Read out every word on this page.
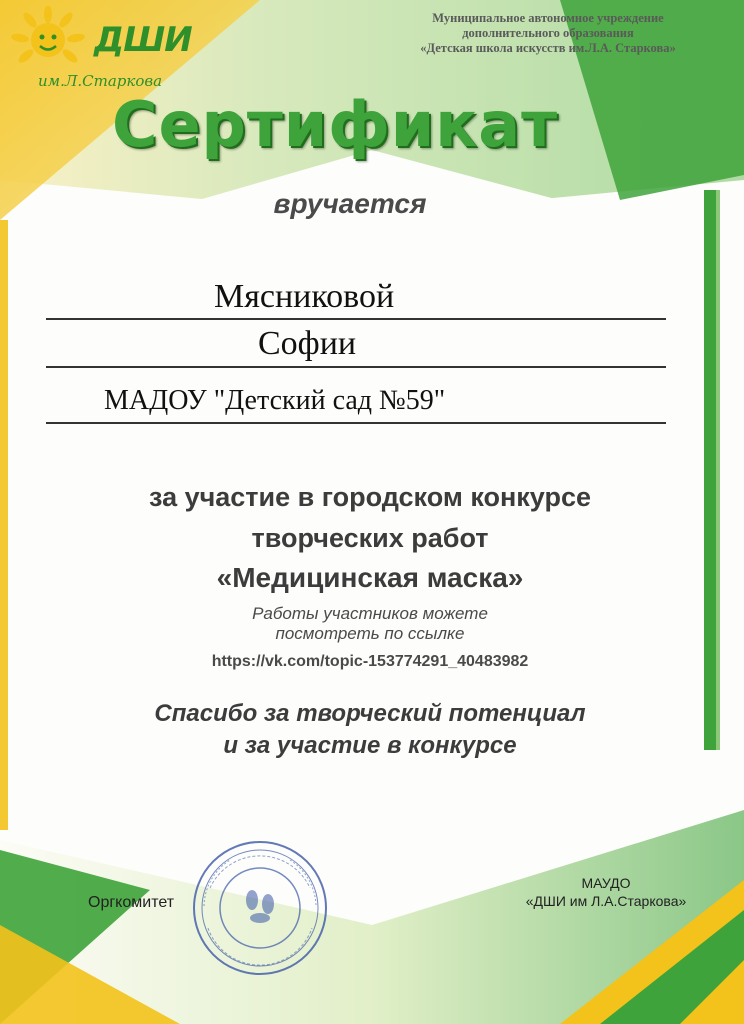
ДШИ
им.Л.Старкова
Муниципальное автономное учреждение
дополнительного образования
«Детская школа искусств им.Л.А. Старкова»
Сертификат
вручается
Мясниковой
Софии
МАДОУ "Детский сад №59"
за участие в городском конкурсе
творческих работ
«Медицинская маска»
Работы участников можете
посмотреть по ссылке
https://vk.com/topic-153774291_40483982
Спасибо за творческий потенциал
и за участие в конкурсе
Оргкомитет
МАУДО
«ДШИ им Л.А.Старкова»
